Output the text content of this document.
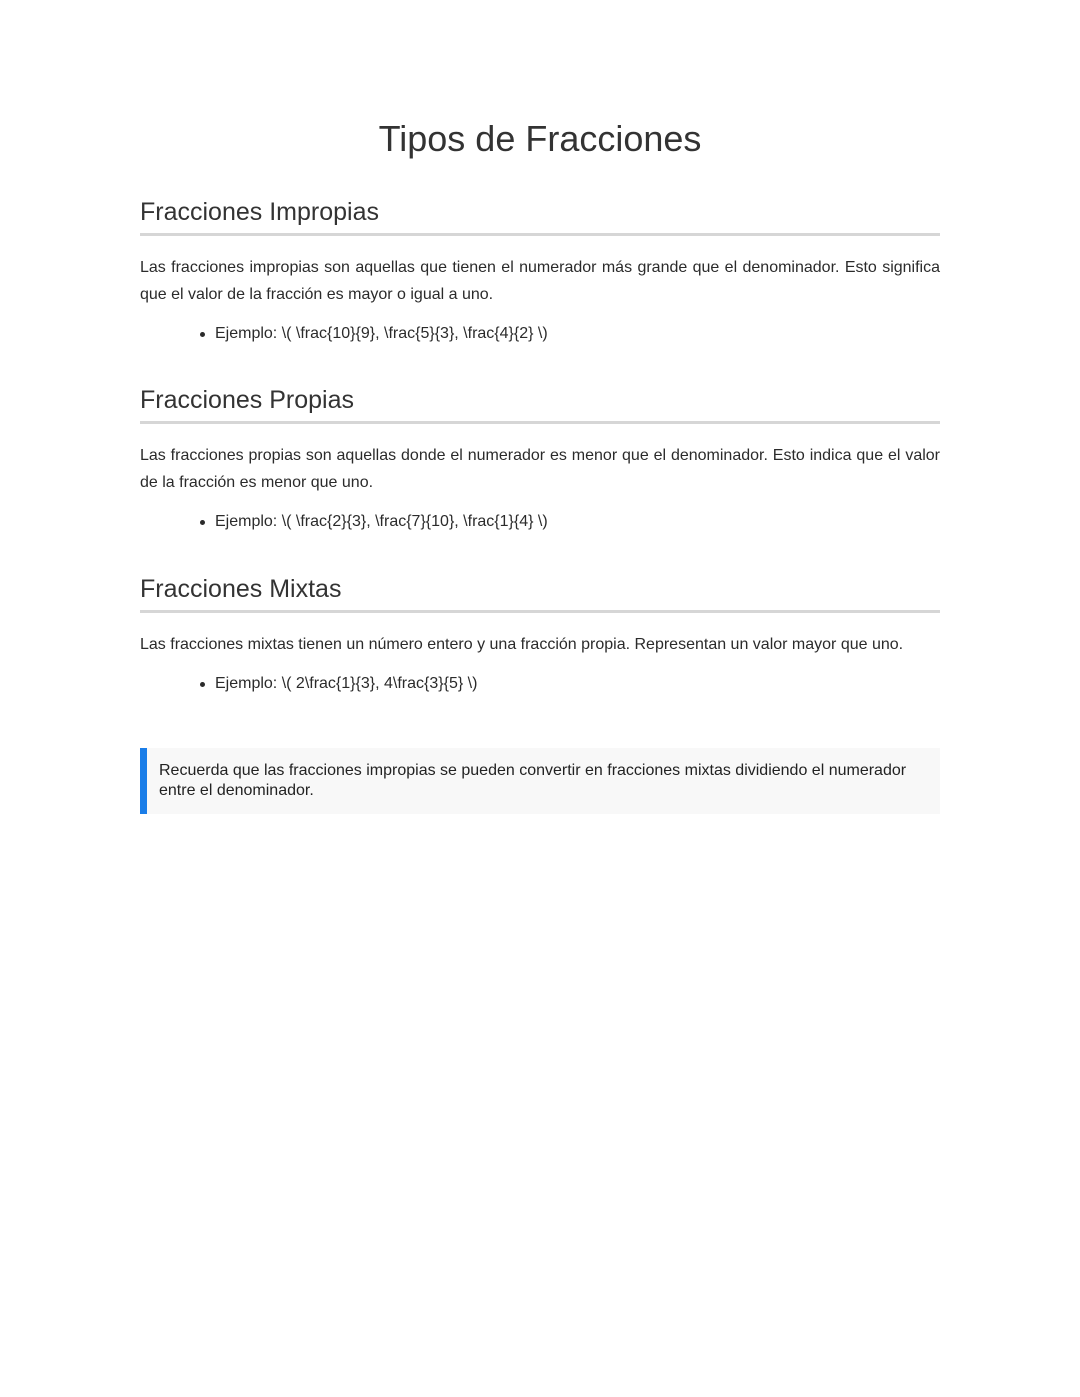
Tipos de Fracciones
Fracciones Impropias

Las fracciones impropias son aquellas que tienen el numerador más grande que el denominador. Esto significa que el valor de la fracción es mayor o igual a uno.

Ejemplo: \( \frac{10}{9}, \frac{5}{3}, \frac{4}{2} \)
Fracciones Propias

Las fracciones propias son aquellas donde el numerador es menor que el denominador. Esto indica que el valor de la fracción es menor que uno.

Ejemplo: \( \frac{2}{3}, \frac{7}{10}, \frac{1}{4} \)
Fracciones Mixtas

Las fracciones mixtas tienen un número entero y una fracción propia. Representan un valor mayor que uno.

Ejemplo: \( 2\frac{1}{3}, 4\frac{3}{5} \)
Recuerda que las fracciones impropias se pueden convertir en fracciones mixtas dividiendo el numerador entre el denominador.
